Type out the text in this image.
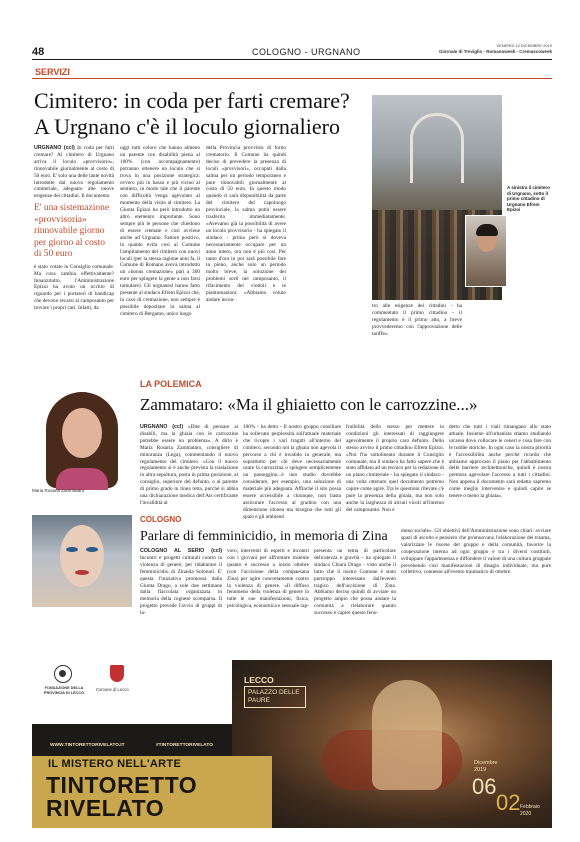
48	COLOGNO - URGNANO
VENERDÌ 13 DICEMBRE 2019
Giornale di Treviglio - Romanoweek - Cremascoweek
SERVIZI
Cimitero: in coda per farti cremare? A Urgnano c'è il loculo giornaliero
A sinistra il cimitero di Urgnano, sotto il primo cittadino di Urgnano Efrem Epizoi
URGNANO (ccl) In coda per farti cremare? Al cimitero di Urgnano arriva il loculo «provvisorio», rinnovabile giornalmente al costo di 50 euro. E' solo una delle tante novità introdotte dal nuovo regolamento cimiteriale, adeguato alle nuove esigenze dei cittadini. Il documento
E' una sistemazione «provvisoria» rinnovabile giorno per giorno al costo di 50 euro
è stato votato in Consiglio comunale. Ma cosa cambia effettivamente? Innanzitutto, l'Amministrazione Epizoi ha avuto un occhio di riguardo per i portatori di handicap che devono recarsi al camposanto per trovare i propri cari. Infatti, da
oggi tutti coloro che hanno almeno un parente con disabilità piena al 100% (con accompagnamento) potranno ottenere un loculo che si trova in una posizione strategica: ovvero più in basso e più vicino al sentiero, in modo tale che il parente con difficoltà venga agevolato al momento della visita al cimitero. La Giunta Epizoi ha però introdotto un altro elemento importante. Sono sempre più le persone che chiedono di essere cremate e così avviene anche ad Urgnano. Fattore positivo, in quanto evita così al Comune l'ampliamento del cimitero con nuovi loculi (per la stessa ragione anni fa, il Comune di Romano aveva introdotto un «bonus cremazione» pari a 300 euro per spingere la gente a non farsi tumulare). Gli urgnanesi hanno fatto presente al sindaco Efrem Epizoi che, in caso di cremazione, non sempre è possibile depositare la salma al cimitero di Bergamo, unico luogo
della Provincia provvisto di forno crematorio. Il Comune ha quindi deciso di prevedere la presenza di loculi «provvisori», occupati dalla salma per un periodo temporaneo e pure rinnovabili giornalmente al costo di 50 euro. In questo modo quando ci sarà disponibilità da parte del cimitero del capoluogo provinciale, la salma potrà essere trasferita immediatamente. «Avevamo già la possibilità di avere un loculo provvisorio - ha spiegato il sindaco - prima però si doveva necessariamente occupare per un anno intero, ora non è più così. Per tanto d'ora in poi sarà possibile fare in pieno, anche solo un periodo molto breve, la soluzione dei problemi sorti nel camposanto, il rifacimento dei viottoli e le piantumazioni. «Abbiamo voluto andare incon-
tro alle esigenze dei cittadini - ha commentato il primo cittadino - il regolamento è il primo atto, a breve provvederemo con l'approvazione delle tariffe».
Maria Rosaria Zammataro
LA POLEMICA
Zammataro: «Ma il ghiaietto con le carrozzine...»
URGNANO (ccl) «Dite di pensare ai disabili, ma la ghiaia con le carrozzine potrebbe essere un problema». A dirlo è Maria Rosaria Zammataro, consigliere di minoranza (Lega), commentando il nuovo regolamento del cimitero. «Con il nuovo regolamento si è anche prevista la traslazione in altra sepoltura, posta in prima posizione, al consiglio, superiore del defunto, o al parente di primo grado in linea retta, purché si abbia una dichiarazione medica dell'Ats certificante l'invalidità al
100% - ha detto - Il nostro gruppo consiliare ha sollevato perplessità sull'attuale materiale che ricopre i vari tragitti all'interno del cimitero, secondo noi la ghiaia non agevola il percorso a chi è invalido in generale, ma soprattutto per chi deve necessariamente usare la carrozzina o spingere semplicemente un passeggino...è uno studio dovrebbe considerare, per esempio, una soluzione di materiale più adeguata. Affinché il sito possa essere accessibile a chiunque, non basta assicurare l'accesso al gradino con una dimensione idonea ma bisogna che tutti gli spazi e gli ambienti
fruibilità dello stesso per mettere in condizioni gli interessati di raggiungere agevolmente il proprio caro defunto. Dello stesso avviso il primo cittadino Efrem Epizoi. «Noi l'ho sottolineato durante il Consiglio comunale, ma il sindaco ha fatto sapere che è stato affidato ad un tecnico per la redazione di un piano cimiteriale - ha spiegato il sindaco - una volta ottenuto quel documento potremo capire come agire. Tra le questioni rilevate c'è pure la presenza della ghiaia, ma non solo anche la larghezza di alcuni vicoli all'interno del camposanto. Non è
detto che tutti i viali rimangano allo stato attuale. Insieme all'urbanista stiamo studiando un'area dove collocare le ceneri e cosa fare con le tombe storiche. In ogni caso la nostra priorità è l'accessibilità anche perché ricordo che abbiamo approvato il piano per l'abbattimento delle barriere architettoniche, quindi è nostra premura agevolare l'accesso a tutti i cittadini. Non appena il documento sarà redatto sapremo come meglio intervenire e quindi capire se tenere o meno la ghiaia».
COLOGNO
Parlare di femminicidio, in memoria di Zina
COLOGNO AL SERIO (ccl) Incontri e progetti culturali contro la violenza di genere, per ridaburare il femminicidio di Zinaida Solonari. E' questa l'iniziativa promossa dalla Giunta Drago, a sole due settimane dalla fiaccolata organizzata in memoria della cognese scomparsa. Il progetto prevede l'avvio di gruppi di la-
voro, interventi di esperti e incontri con i giovani per affrontare insieme quanto è successo a inizio ottobre (con l'uccisione della compaesana Zina) per agire concretamente contro la violenza di genere. «Il diffuso fenomeno della violenza di genere in tutte le sue manifestazioni, fisica, psicologica, economica e sessuale rap-
presenta un tema di particolare delicatezza e gravità - ha spiegato il sindaco Chiara Drago - visto anche il lutto che il nostro Comune è stato purtroppo interessato dall'evento tragico dell'uccisione di Zina. Abbiamo deciso quindi di avviare un progetto ampio che possa aiutare la comunità a rielaborare quanto successo e capire questo feno-
meno sociale». Gli obiettivi dell'Amministrazione sono chiari: avviare spazi di ascolto e pensiero che promuovano l'elaborazione del trauma, valorizzare le risorse del gruppo e della comunità, favorire la cooperazione interna ad ogni gruppo e tra i diversi costituiti, sviluppare l'appartenenza e diffondere il valore di una cultura gruppale prevenendo così manifestazioni di disagio individuale, ma pure collettivo, connesse all'evento traumatico di ottobre.
FONDAZIONE DELLA PROVINCIA DI LECCO
Comune di Lecco
LECCO
PALAZZO DELLE PAURE
WWW.TINTORETTORIVELATO.IT	#TINTORETTORIVELATO
IL MISTERO NELL'ARTE
TINTORETTO RIVELATO
Dicembre
2019
06
02 Febbraio
2020
